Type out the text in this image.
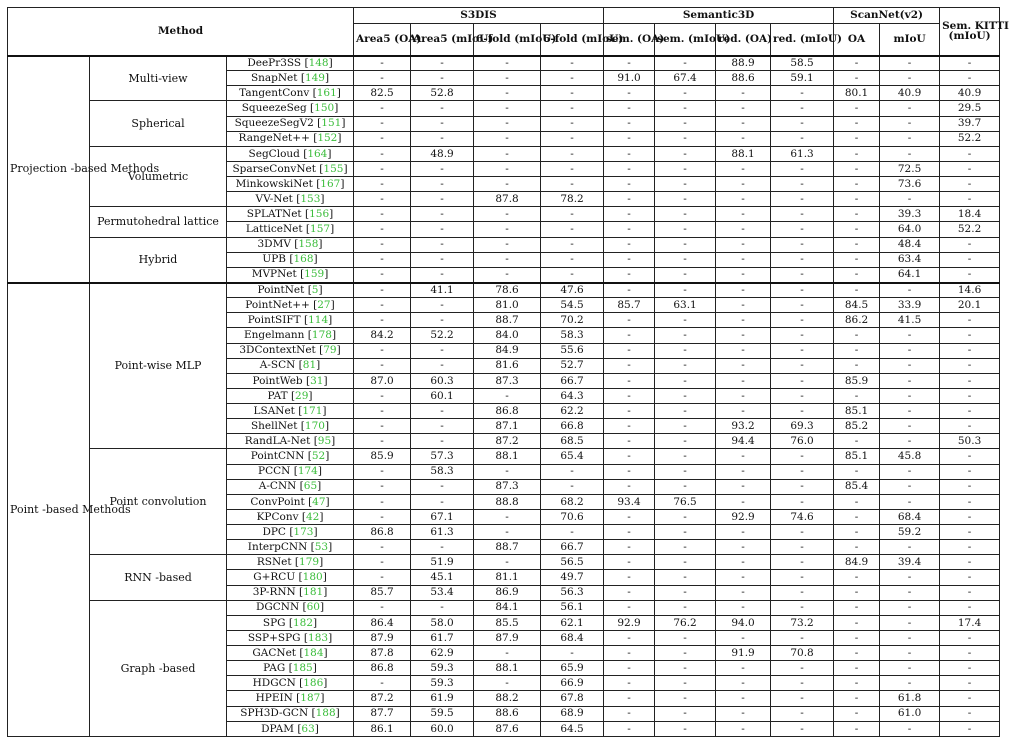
Method			S3DIS				Semantic3D				ScanNet(v2)		Sem. KITTI
(mIoU)
			Area5 (OA)	Area5 (mIoU)	6-fold (mIoU)	6-fold (mIoU)	sem. (OA)	sem. (mIoU)	red. (OA)	red. (mIoU)	OA	mIoU	
Projection -based Methods	Multi-view	DeePr3SS [148]	-	-	-	-	-	-	88.9	58.5	-	-	-
		SnapNet [149]	-	-	-	-	91.0	67.4	88.6	59.1	-	-	-
		TangentConv [161]	82.5	52.8	-	-	-	-	-	-	80.1	40.9	40.9
	Spherical	SqueezeSeg [150]	-	-	-	-	-	-	-	-	-	-	29.5
		SqueezeSegV2 [151]	-	-	-	-	-	-	-	-	-	-	39.7
		RangeNet++ [152]	-	-	-	-	-	-	-	-	-	-	52.2
	Volumetric	SegCloud [164]	-	48.9	-	-	-	-	88.1	61.3	-	-	-
		SparseConvNet [155]	-	-	-	-	-	-	-	-	-	72.5	-
		MinkowskiNet [167]	-	-	-	-	-	-	-	-	-	73.6	-
		VV-Net [153]	-	-	87.8	78.2	-	-	-	-	-	-	-
	Permutohedral lattice	SPLATNet [156]	-	-	-	-	-	-	-	-	-	39.3	18.4
		LatticeNet [157]	-	-	-	-	-	-	-	-	-	64.0	52.2
	Hybrid	3DMV [158]	-	-	-	-	-	-	-	-	-	48.4	-
		UPB [168]	-	-	-	-	-	-	-	-	-	63.4	-
		MVPNet [159]	-	-	-	-	-	-	-	-	-	64.1	-
Point -based Methods	Point-wise MLP	PointNet [5]	-	41.1	78.6	47.6	-	-	-	-	-	-	14.6
		PointNet++ [27]	-	-	81.0	54.5	85.7	63.1	-	-	84.5	33.9	20.1
		PointSIFT [114]	-	-	88.7	70.2	-	-	-	-	86.2	41.5	-
		Engelmann [178]	84.2	52.2	84.0	58.3	-	-	-	-	-	-	-
		3DContextNet [79]	-	-	84.9	55.6	-	-	-	-	-	-	-
		A-SCN [81]	-	-	81.6	52.7	-	-	-	-	-	-	-
		PointWeb [31]	87.0	60.3	87.3	66.7	-	-	-	-	85.9	-	-
		PAT [29]	-	60.1	-	64.3	-	-	-	-	-	-	-
		LSANet [171]	-	-	86.8	62.2	-	-	-	-	85.1	-	-
		ShellNet [170]	-	-	87.1	66.8	-	-	93.2	69.3	85.2	-	-
		RandLA-Net [95]	-	-	87.2	68.5	-	-	94.4	76.0	-	-	50.3
	Point convolution	PointCNN [52]	85.9	57.3	88.1	65.4	-	-	-	-	85.1	45.8	-
		PCCN [174]	-	58.3	-	-	-	-	-	-	-	-	-
		A-CNN [65]	-	-	87.3	-	-	-	-	-	85.4	-	-
		ConvPoint [47]	-	-	88.8	68.2	93.4	76.5	-	-	-	-	-
		KPConv [42]	-	67.1	-	70.6	-	-	92.9	74.6	-	68.4	-
		DPC [173]	86.8	61.3	-	-	-	-	-	-	-	59.2	-
		InterpCNN [53]	-	-	88.7	66.7	-	-	-	-	-	-	-
	RNN -based	RSNet [179]	-	51.9	-	56.5	-	-	-	-	84.9	39.4	-
		G+RCU [180]	-	45.1	81.1	49.7	-	-	-	-	-	-	-
		3P-RNN [181]	85.7	53.4	86.9	56.3	-	-	-	-	-	-	-
	Graph -based	DGCNN [60]	-	-	84.1	56.1	-	-	-	-	-	-	-
		SPG [182]	86.4	58.0	85.5	62.1	92.9	76.2	94.0	73.2	-	-	17.4
		SSP+SPG [183]	87.9	61.7	87.9	68.4	-	-	-	-	-	-	-
		GACNet [184]	87.8	62.9	-	-	-	-	91.9	70.8	-	-	-
		PAG [185]	86.8	59.3	88.1	65.9	-	-	-	-	-	-	-
		HDGCN [186]	-	59.3	-	66.9	-	-	-	-	-	-	-
		HPEIN [187]	87.2	61.9	88.2	67.8	-	-	-	-	-	61.8	-
		SPH3D-GCN [188]	87.7	59.5	88.6	68.9	-	-	-	-	-	61.0	-
		DPAM [63]	86.1	60.0	87.6	64.5	-	-	-	-	-	-	-
